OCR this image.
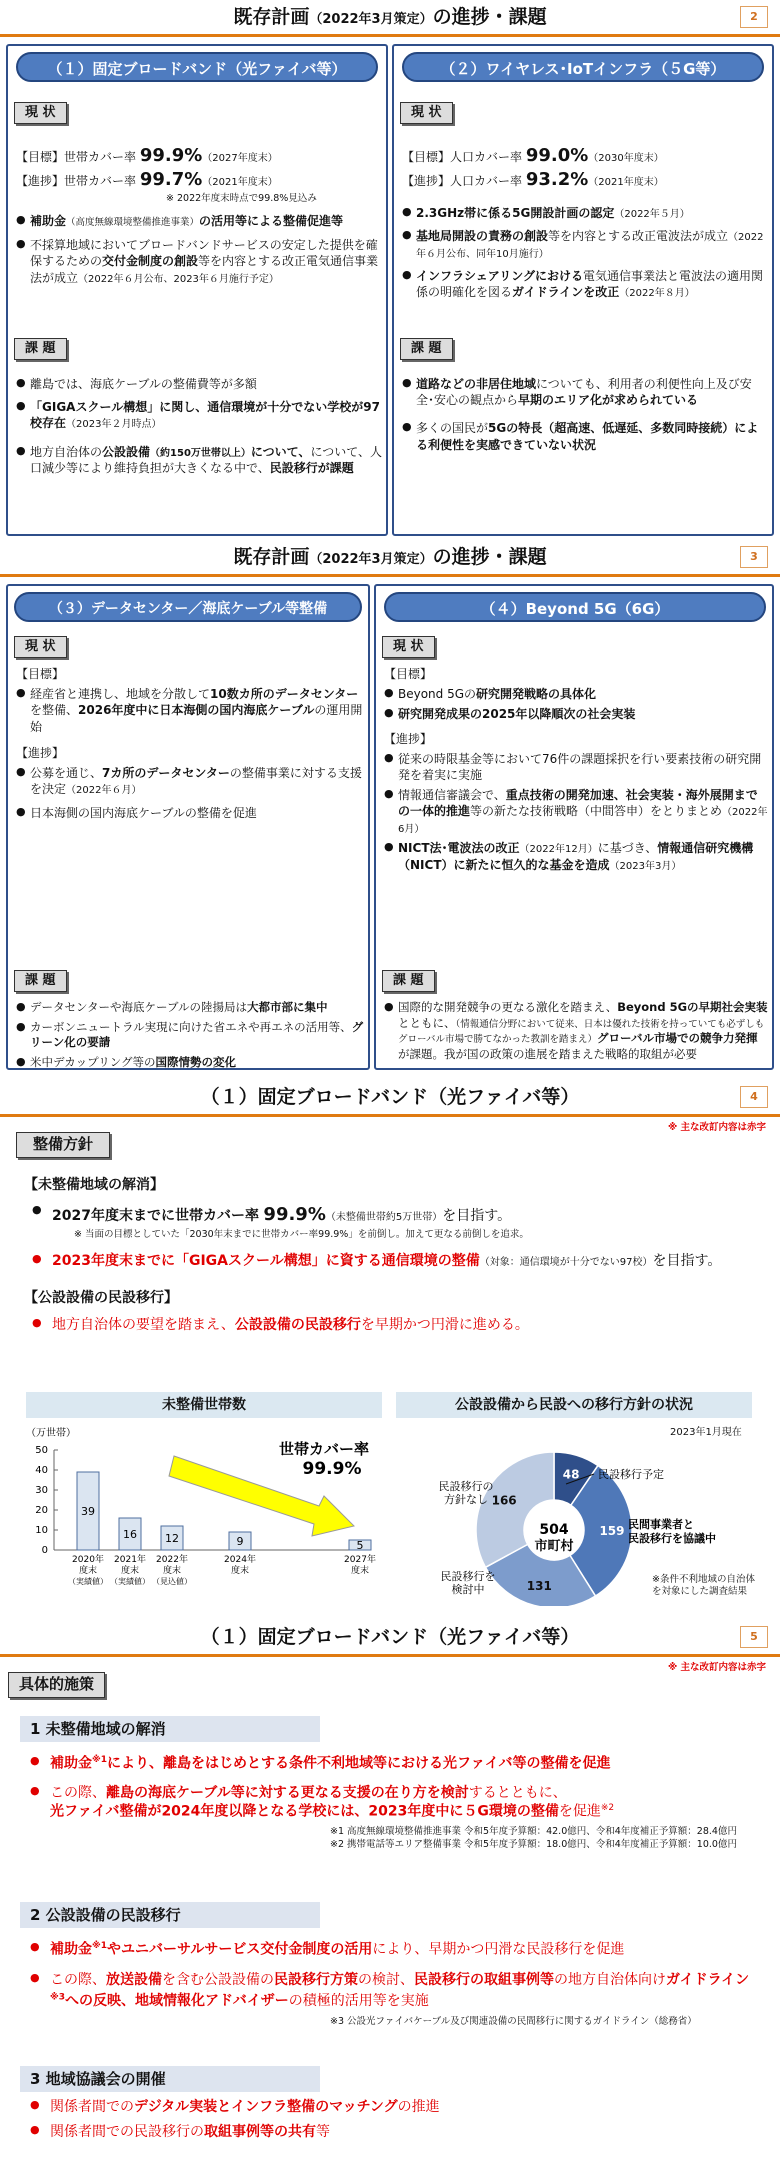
既存計画（2022年3月策定）の進捗・課題	2
（１）固定ブロードバンド（光ファイバ等）
現 状
【目標】世帯カバー率 99.9%（2027年度末）
【進捗】世帯カバー率 99.7%（2021年度末）
※ 2022年度末時点で99.8%見込み
● 補助金（高度無線環境整備推進事業）の活用等による整備促進等
● 不採算地域においてブロードバンドサービスの安定した提供を確保するための交付金制度の創設等を内容とする改正電気通信事業法が成立（2022年６月公布、2023年６月施行予定）
課 題
● 離島では、海底ケーブルの整備費等が多額
● 「GIGAスクール構想」に関し、通信環境が十分でない学校が97校存在（2023年２月時点）
● 地方自治体の公設設備（約150万世帯以上）について、について、人口減少等により維持負担が大きくなる中で、民設移行が課題
（２）ワイヤレス･IoTインフラ（５G等）
現 状
【目標】人口カバー率 99.0%（2030年度末）
【進捗】人口カバー率 93.2%（2021年度末）
● 2.3GHz帯に係る5G開設計画の認定（2022年５月）
● 基地局開設の責務の創設等を内容とする改正電波法が成立（2022年６月公布、同年10月施行）
● インフラシェアリングにおける電気通信事業法と電波法の適用関係の明確化を図るガイドラインを改正（2022年８月）
課 題
● 道路などの非居住地域についても、利用者の利便性向上及び安全･安心の観点から早期のエリア化が求められている
● 多くの国民が5Gの特長（超高速、低遅延、多数同時接続）による利便性を実感できていない状況
既存計画（2022年3月策定）の進捗・課題	3
（３）データセンター／海底ケーブル等整備
現 状
【目標】
● 経産省と連携し、地域を分散して10数カ所のデータセンターを整備、2026年度中に日本海側の国内海底ケーブルの運用開始
【進捗】
● 公募を通じ、7カ所のデータセンターの整備事業に対する支援を決定（2022年６月）
● 日本海側の国内海底ケーブルの整備を促進
課 題
● データセンターや海底ケーブルの陸揚局は大都市部に集中
● カーボンニュートラル実現に向けた省エネや再エネの活用等、グリーン化の要請
● 米中デカップリング等の国際情勢の変化
（４）Beyond 5G（6G）
現 状
【目標】
● Beyond 5Gの研究開発戦略の具体化
● 研究開発成果の2025年以降順次の社会実装
【進捗】
● 従来の時限基金等において76件の課題採択を行い要素技術の研究開発を着実に実施
● 情報通信審議会で、重点技術の開発加速、社会実装・海外展開までの一体的推進等の新たな技術戦略（中間答申）をとりまとめ（2022年6月）
● NICT法･電波法の改正（2022年12月）に基づき、情報通信研究機構（NICT）に新たに恒久的な基金を造成（2023年3月）
課 題
● 国際的な開発競争の更なる激化を踏まえ、Beyond 5Gの早期社会実装とともに、（情報通信分野において従来、日本は優れた技術を持っていても必ずしもグローバル市場で勝てなかった教訓を踏まえ）グローバル市場での競争力発揮が課題。我が国の政策の進展を踏まえた戦略的取組が必要
（１）固定ブロードバンド（光ファイバ等）	4
※ 主な改訂内容は赤字
整備方針
【未整備地域の解消】
● 2027年度末までに世帯カバー率 99.9%（未整備世帯約5万世帯）を目指す。
※ 当面の目標としていた「2030年末までに世帯カバー率99.9%」を前倒し。加えて更なる前倒しを追求。
● 2023年度末までに「GIGAスクール構想」に資する通信環境の整備（対象：通信環境が十分でない97校）を目指す。
【公設設備の民設移行】
● 地方自治体の要望を踏まえ、公設設備の民設移行を早期かつ円滑に進める。
未整備世帯数
世帯カバー率
99.9%
（万世帯）
0
10
20
30
40
50
39
2020年
度末
（実績値）
16
2021年
度末
（実績値）
12
2022年
度末
（見込値）
9
2024年
度末
5
2027年
度末
公設設備から民設への移行方針の状況
2023年1月現在
504
市町村
民設移行予定
民間事業者と民設移行を協議中
民設移行を検討中
民設移行の方針なし
48
159
131
166
※条件不利地域の自治体を対象にした調査結果
（１）固定ブロードバンド（光ファイバ等）	5
※ 主な改訂内容は赤字
具体的施策
1 未整備地域の解消
● 補助金$^{※1}$により、離島をはじめとする条件不利地域等における光ファイバ等の整備を促進
● この際、離島の海底ケーブル等に対する更なる支援の在り方を検討するとともに、
光ファイバ整備が2024年度以降となる学校には、2023年度中に５G環境の整備を促進$^{※2}$
※1 高度無線環境整備推進事業 令和5年度予算額：42.0億円、令和4年度補正予算額：28.4億円
※2 携帯電話等エリア整備事業 令和5年度予算額：18.0億円、令和4年度補正予算額：10.0億円
2 公設設備の民設移行
● 補助金$^{※1}$やユニバーサルサービス交付金制度の活用により、早期かつ円滑な民設移行を促進
● この際、放送設備を含む公設設備の民設移行方策の検討、民設移行の取組事例等の地方自治体向けガイドライン$^{※3}$への反映、地域情報化アドバイザーの積極的活用等を実施
※3 公設光ファイバケーブル及び関連設備の民間移行に関するガイドライン（総務省）
3 地域協議会の開催
● 関係者間でのデジタル実装とインフラ整備のマッチングの推進
● 関係者間での民設移行の取組事例等の共有等
